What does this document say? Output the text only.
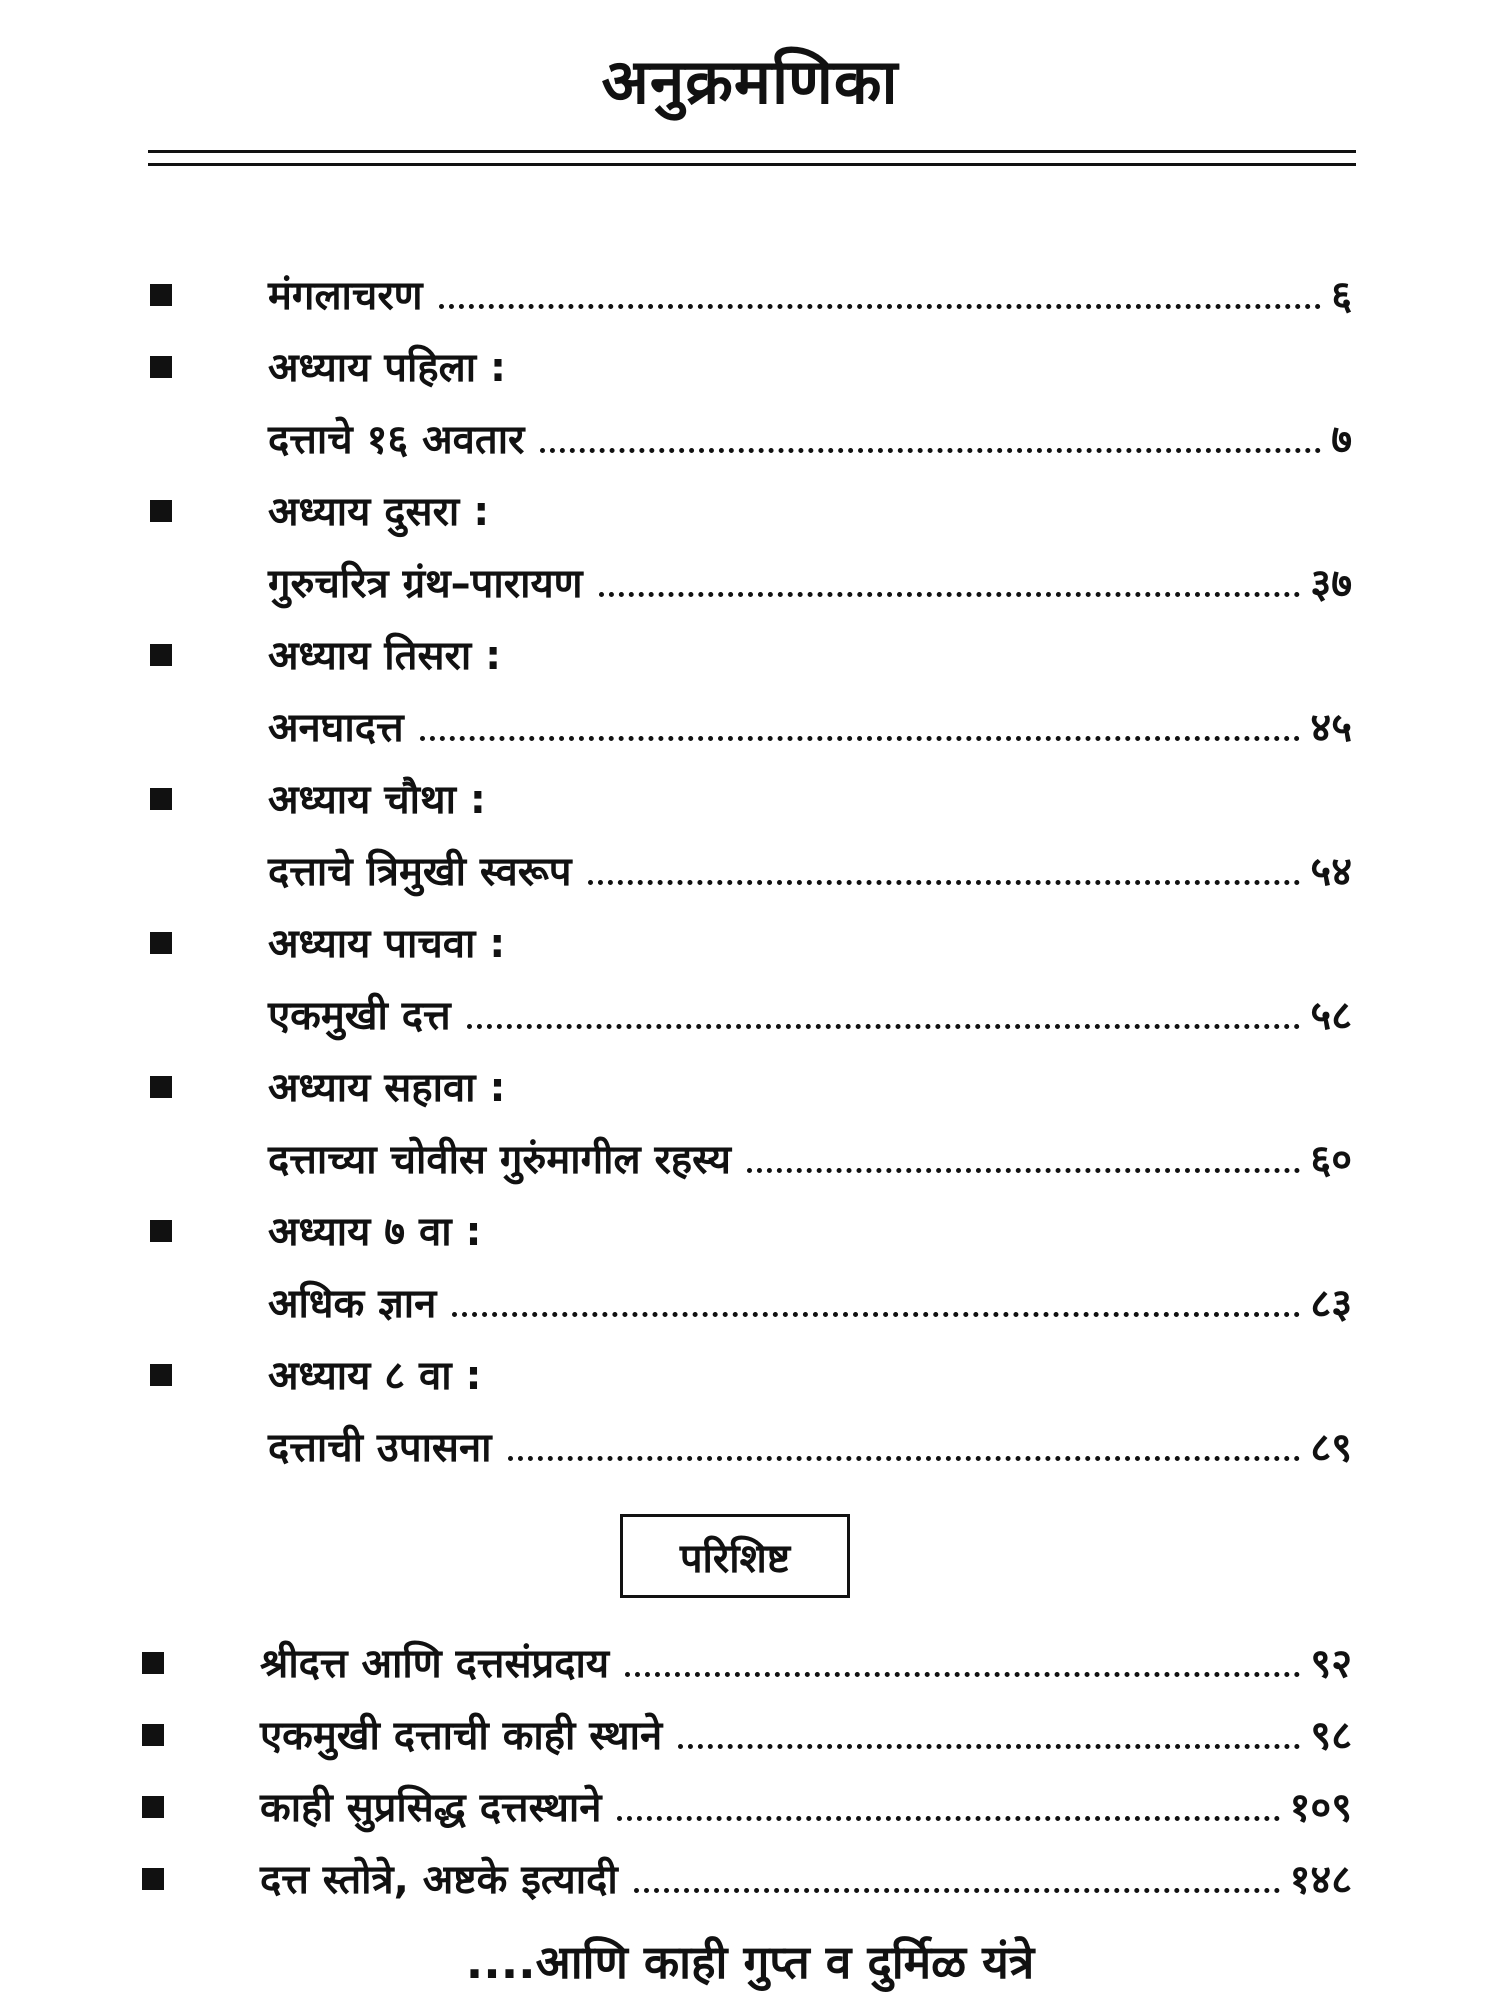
अनुक्रमणिका
मंगलाचरण	६
अध्याय पहिला :
दत्ताचे १६ अवतार	७
अध्याय दुसरा :
गुरुचरित्र ग्रंथ–पारायण	३७
अध्याय तिसरा :
अनघादत्त	४५
अध्याय चौथा :
दत्ताचे त्रिमुखी स्वरूप	५४
अध्याय पाचवा :
एकमुखी दत्त	५८
अध्याय सहावा :
दत्ताच्या चोवीस गुरुंमागील रहस्य	६०
अध्याय ७ वा :
अधिक ज्ञान	८३
अध्याय ८ वा :
दत्ताची उपासना	८९
परिशिष्ट
श्रीदत्त आणि दत्तसंप्रदाय	९२
एकमुखी दत्ताची काही स्थाने	९८
काही सुप्रसिद्ध दत्तस्थाने	१०९
दत्त स्तोत्रे, अष्टके इत्यादी	१४८
....आणि काही गुप्त व दुर्मिळ यंत्रे
